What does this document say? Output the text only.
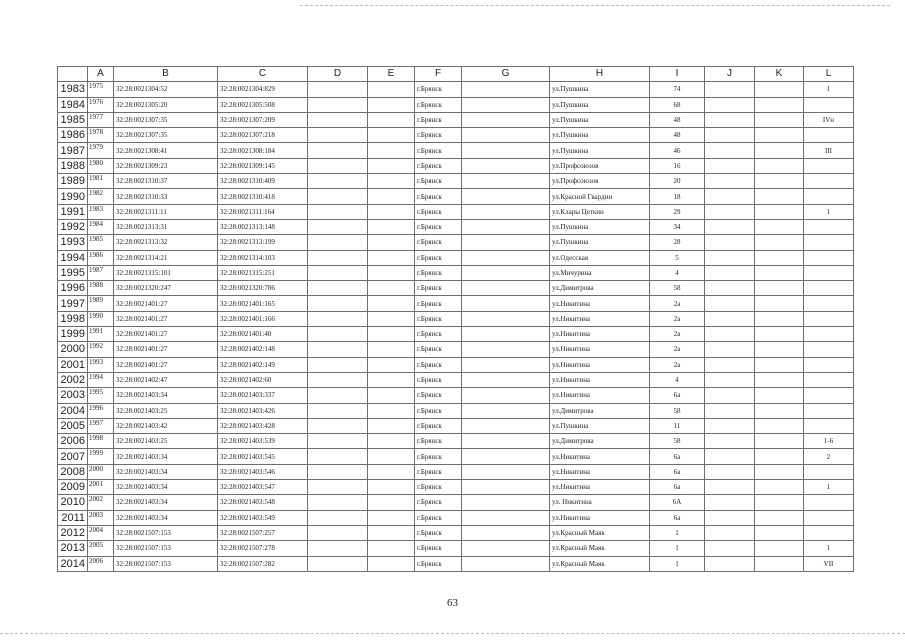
	A	B	C	D	E	F	G	H	I	J	K	L
1983	1975	32:28:0021304:52	32:28:0021304:829			г.Брянск		ул.Пушкина	74			1
1984	1976	32:28:0021305:20	32:28:0021305:508			г.Брянск		ул.Пушкина	68			
1985	1977	32:28:0021307:35	32:28:0021307:209			г.Брянск		ул.Пушкина	48			IVн
1986	1978	32:28:0021307:35	32:28:0021307:218			г.Брянск		ул.Пушкина	48			
1987	1979	32:28:0021308:41	32:28:0021308:184			г.Брянск		ул.Пушкина	46			III
1988	1980	32:28:0021309:23	32:28:0021309:145			г.Брянск		ул.Профсоюзов	16			
1989	1981	32:28:0021310:37	32:28:0021310:409			г.Брянск		ул.Профсоюзов	20			
1990	1982	32:28:0021310:33	32:28:0021310:418			г.Брянск		ул.Красной Гвардии	18			
1991	1983	32:28:0021311:11	32:28:0021311:164			г.Брянск		ул.Клары Цеткин	29			1
1992	1984	32:28:0021313:31	32:28:0021313:148			г.Брянск		ул.Пушкина	34			
1993	1985	32:28:0021313:32	32:28:0021313:199			г.Брянск		ул.Пушкина	28			
1994	1986	32:28:0021314:21	32:28:0021314:103			г.Брянск		ул.Одесская	5			
1995	1987	32:28:0021315:101	32:28:0021315:251			г.Брянск		ул.Мичурина	4			
1996	1988	32:28:0021320:247	32:28:0021320:786			г.Брянск		ул.Димитрова	58			
1997	1989	32:28:0021401:27	32:28:0021401:165			г.Брянск		ул.Никитина	2а			
1998	1990	32:28:0021401:27	32:28:0021401:166			г.Брянск		ул.Никитина	2а			
1999	1991	32:28:0021401:27	32:28:0021401:40			г.Брянск		ул.Никитина	2а			
2000	1992	32:28:0021401:27	32:28:0021402:148			г.Брянск		ул.Никитина	2а			
2001	1993	32:28:0021401:27	32:28:0021402:149			г.Брянск		ул.Никитина	2а			
2002	1994	32:28:0021402:47	32:28:0021402:60			г.Брянск		ул.Никитина	4			
2003	1995	32:28:0021403:34	32:28:0021403:337			г.Брянск		ул.Никитина	6а			
2004	1996	32:28:0021403:25	32:28:0021403:426			г.Брянск		ул.Димитрова	58			
2005	1997	32:28:0021403:42	32:28:0021403:428			г.Брянск		ул.Пушкина	11			
2006	1998	32:28:0021403:25	32:28:0021403:539			г.Брянск		ул.Димитрова	58			1-6
2007	1999	32:28:0021403:34	32:28:0021403:545			г.Брянск		ул.Никитина	6а			2
2008	2000	32:28:0021403:34	32:28:0021403:546			г.Брянск		ул.Никитина	6а			
2009	2001	32:28:0021403:34	32:28:0021403:547			г.Брянск		ул.Никитина	6а			1
2010	2002	32:28:0021403:34	32:28:0021403:548			г.Брянск		ул. Никитина	6А			
2011	2003	32:28:0021403:34	32:28:0021403:549			г.Брянск		ул.Никитина	6а			
2012	2004	32:28:0021507:153	32:28:0021507:257			г.Брянск		ул.Красный Маяк	1			
2013	2005	32:28:0021507:153	32:28:0021507:278			г.Брянск		ул.Красный Маяк	1			1
2014	2006	32:28:0021507:153	32:28:0021507:282			г.Брянск		ул.Красный Маяк	1			VII
63
